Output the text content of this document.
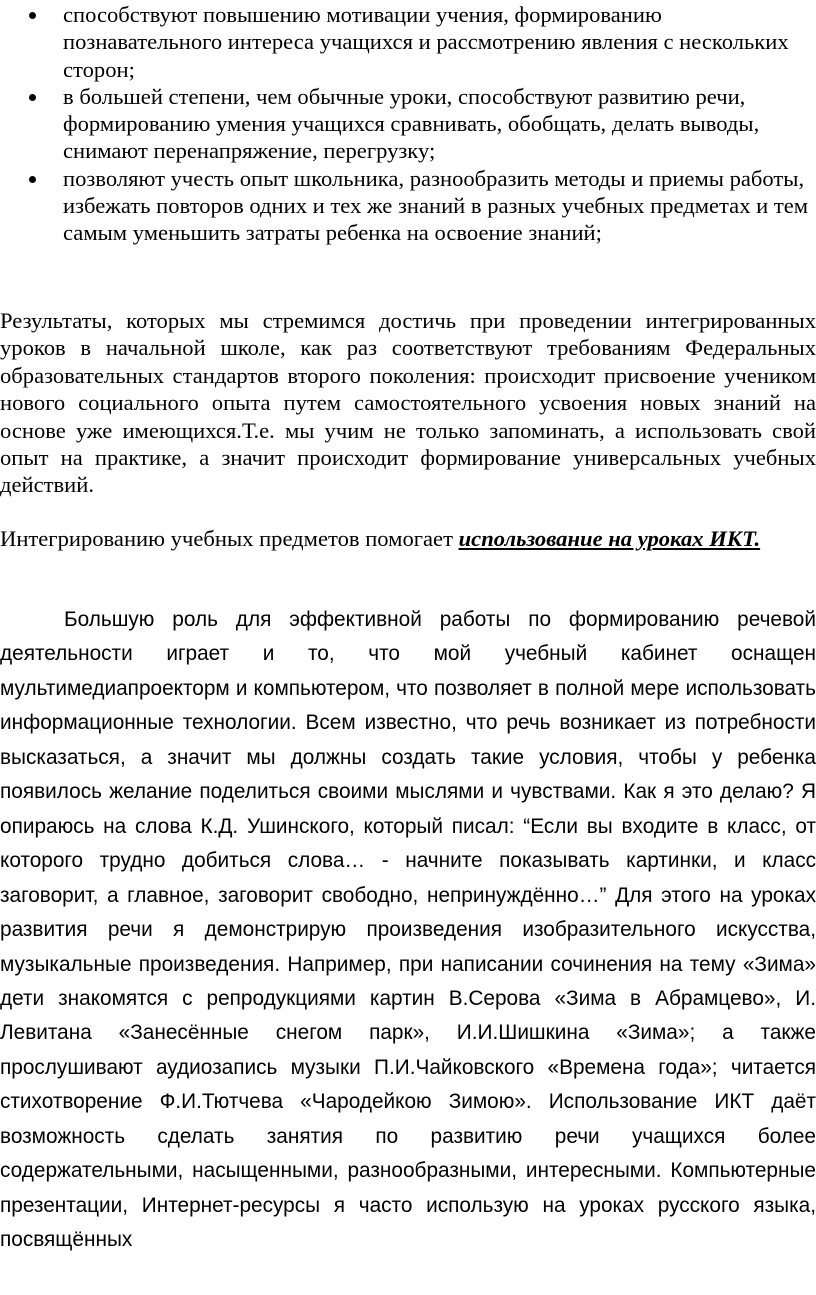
способствуют повышению мотивации учения, формированию познавательного интереса учащихся и рассмотрению явления с нескольких сторон;
в большей степени, чем обычные уроки, способствуют развитию речи, формированию умения учащихся сравнивать, обобщать, делать выводы, снимают перенапряжение, перегрузку;
позволяют учесть опыт школьника, разнообразить методы и приемы работы, избежать повторов одних и тех же знаний в разных учебных предметах и тем самым уменьшить затраты ребенка на освоение знаний;

Результаты, которых мы стремимся достичь при проведении интегрированных уроков в начальной школе, как раз соответствуют требованиям Федеральных образовательных стандартов второго поколения: происходит присвоение учеником нового социального опыта путем самостоятельного усвоения новых знаний на основе уже имеющихся.Т.е. мы учим не только запоминать, а использовать свой опыт на практике, а значит происходит формирование универсальных учебных действий.

Интегрированию учебных предметов помогает использование на уроках ИКТ.

Большую роль для эффективной работы по формированию речевой деятельности играет и то, что мой учебный кабинет оснащен мультимедиапроекторм и компьютером, что позволяет в полной мере использовать информационные технологии. Всем известно, что речь возникает из потребности высказаться, а значит мы должны создать такие условия, чтобы у ребенка появилось желание поделиться своими мыслями и чувствами. Как я это делаю? Я опираюсь на слова К.Д. Ушинского, который писал: “Если вы входите в класс, от которого трудно добиться слова… - начните показывать картинки, и класс заговорит, а главное, заговорит свободно, непринуждённо…” Для этого на уроках развития речи я демонстрирую произведения изобразительного искусства, музыкальные произведения. Например, при написании сочинения на тему «Зима» дети знакомятся с репродукциями картин В.Серова «Зима в Абрамцево», И. Левитана «Занесённые снегом парк», И.И.Шишкина «Зима»; а также прослушивают аудиозапись музыки П.И.Чайковского «Времена года»; читается стихотворение Ф.И.Тютчева «Чародейкою Зимою». Использование ИКТ даёт возможность сделать занятия по развитию речи учащихся более содержательными, насыщенными, разнообразными, интересными. Компьютерные презентации, Интернет-ресурсы я часто использую на уроках русского языка, посвящённых
